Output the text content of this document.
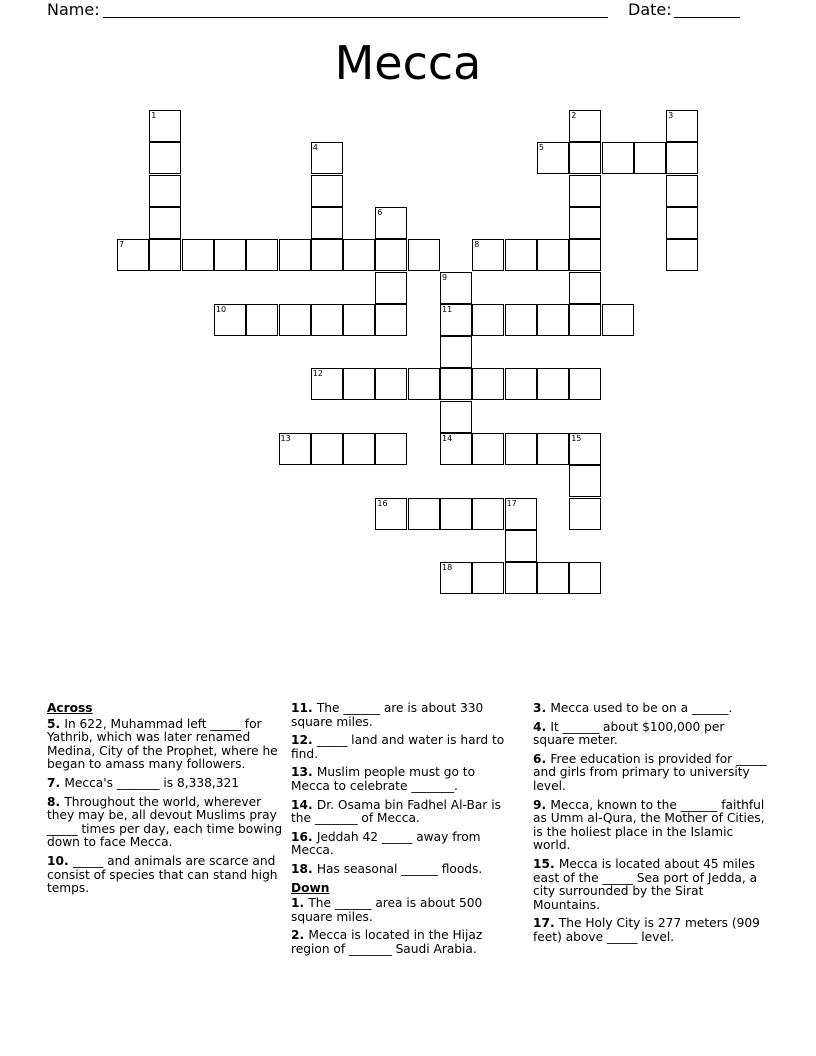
Name:	Date:
Mecca
1	2	3
4	5
6
7	8
9
11
14
10
12
13	15
16	17
18
Across
5. In 622, Muhammad left _____ for Yathrib, which was later renamed Medina, City of the Prophet, where he began to amass many followers.
7. Mecca's _______ is 8,338,321
8. Throughout the world, wherever they may be, all devout Muslims pray _____ times per day, each time bowing down to face Mecca.
10. _____ and animals are scarce and consist of species that can stand high temps.
11. The ______ are is about 330 square miles.
12. _____ land and water is hard to find.
13. Muslim people must go to Mecca to celebrate _______.
14. Dr. Osama bin Fadhel Al-Bar is the _______ of Mecca.
16. Jeddah 42 _____ away from Mecca.
18. Has seasonal ______ floods.
Down
1. The ______ area is about 500 square miles.
2. Mecca is located in the Hijaz region of _______ Saudi Arabia.
3. Mecca used to be on a ______.
4. It ______ about $100,000 per square meter.
6. Free education is provided for _____ and girls from primary to university level.
9. Mecca, known to the ______ faithful as Umm al-Qura, the Mother of Cities, is the holiest place in the Islamic world.
15. Mecca is located about 45 miles east of the _____ Sea port of Jedda, a city surrounded by the Sirat Mountains.
17. The Holy City is 277 meters (909 feet) above _____ level.
